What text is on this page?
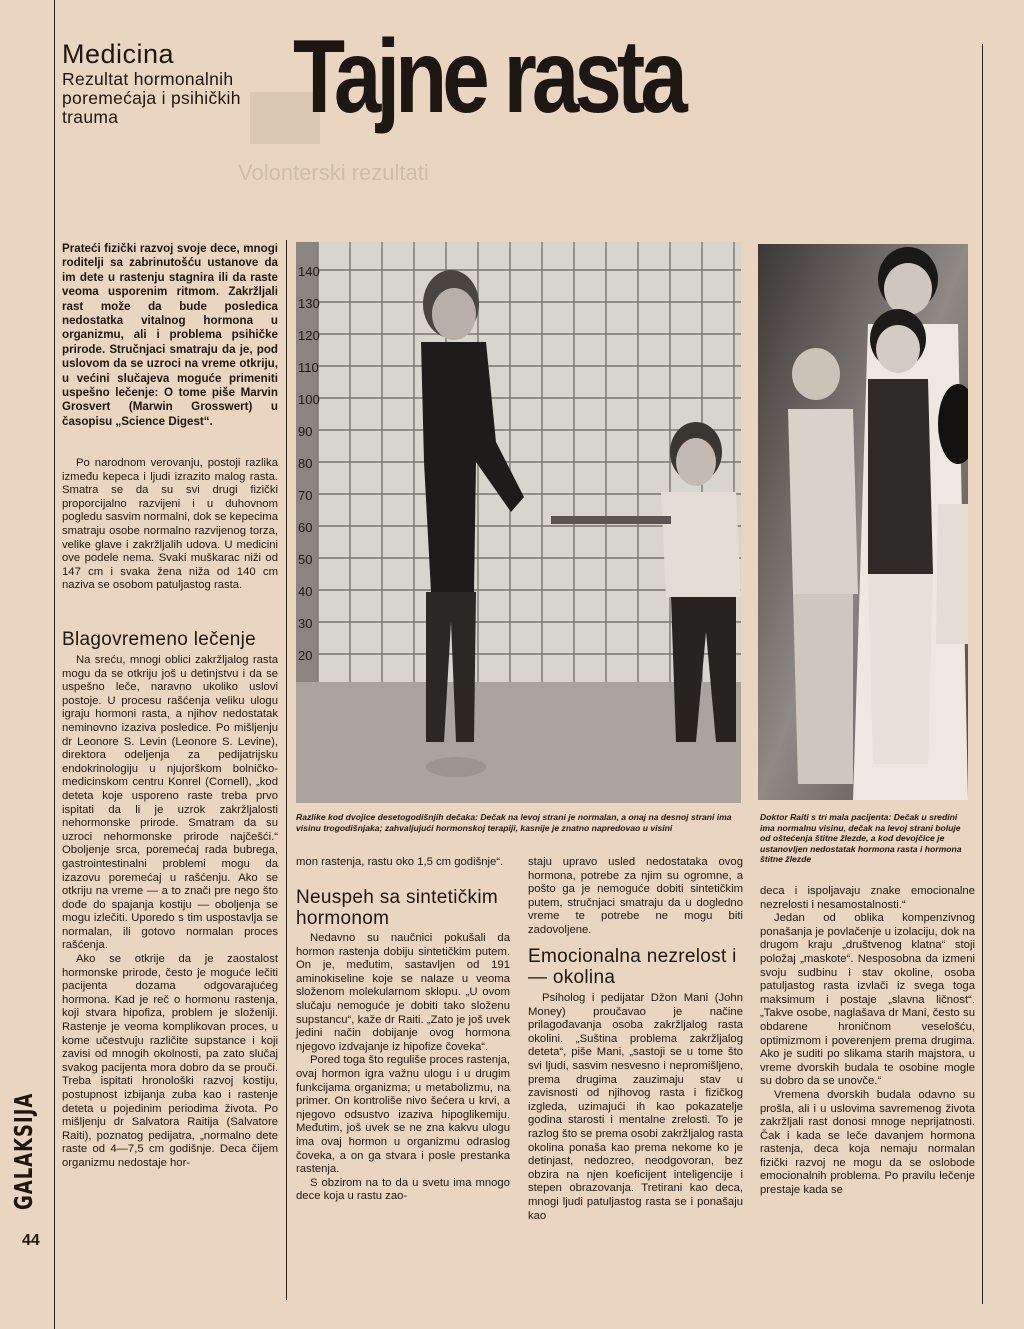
Volonterski rezultati
Medicina
Rezultat hormonalnih poremećaja i psihičkih trauma	Tajne rasta
Prateći fizički razvoj svoje dece, mnogi roditelji sa zabrinutošću ustanove da im dete u rastenju stagnira ili da raste veoma usporenim ritmom. Zakržljali rast može da bude posledica nedostatka vitalnog hormona u organizmu, ali i problema psihičke prirode. Stručnjaci smatraju da je, pod uslovom da se uzroci na vreme otkriju, u većini slučajeva moguće primeniti uspešno lečenje: O tome piše Marvin Grosvert (Marwin Grosswert) u časopisu „Science Digest“.

Po narodnom verovanju, postoji razlika između kepeca i ljudi izrazito malog rasta. Smatra se da su svi drugi fizički proporcijalno razvijeni i u duhovnom pogledu sasvim normalni, dok se kepecima smatraju osobe normalno razvijenog torza, velike glave i zakržljalih udova. U medicini ove podele nema. Svaki muškarac niži od 147 cm i svaka žena niža od 140 cm naziva se osobom patuljastog rasta.

Blagovremeno lečenje

Na sreću, mnogi oblici zakržljalog rasta mogu da se otkriju još u detinjstvu i da se uspešno leče, naravno ukoliko uslovi postoje. U procesu rašćenja veliku ulogu igraju hormoni rasta, a njihov nedostatak neminovno izaziva posledice. Po mišljenju dr Leonore S. Levin (Leonore S. Levine), direktora odeljenja za pedijatrijsku endokrinologiju u njujorškom bolničko-medicinskom centru Konrel (Cornell), „kod deteta koje usporeno raste treba prvo ispitati da li je uzrok zakržljalosti nehormonske prirode. Smatram da su uzroci nehormonske prirode najčešći.“ Oboljenje srca, poremećaj rada bubrega, gastrointestinalni problemi mogu da izazovu poremećaj u rašćenju. Ako se otkriju na vreme — a to znači pre nego što dođe do spajanja kostiju — oboljenja se mogu izlečiti. Uporedo s tim uspostavlja se normalan, ili gotovo normalan proces rašćenja.

Ako se otkrije da je zaostalost hormonske prirode, često je moguće lečiti pacijenta dozama odgovarajućeg hormona. Kad je reč o hormonu rastenja, koji stvara hipofiza, problem je složeniji. Rastenje je veoma komplikovan proces, u kome učestvuju različite supstance i koji zavisi od mnogih okolnosti, pa zato slučaj svakog pacijenta mora dobro da se prouči. Treba ispitati hronološki razvoj kostiju, postupnost izbijanja zuba kao i rastenje deteta u pojedinim periodima života. Po mišljenju dr Salvatora Raitija (Salvatore Raiti), poznatog pedijatra, „normalno dete raste od 4—7,5 cm godišnje. Deca čijem organizmu nedostaje hor-

140
130
120
110
100
90
80
70
60
50
40
30
20
Razlike kod dvojice desetogodišnjih dečaka: Dečak na levoj strani je normalan, a onaj na desnoj strani ima visinu trogodišnjaka; zahvaljujući hormonskoj terapiji, kasnije je znatno napredovao u visini
Doktor Raiti s tri mala pacijenta: Dečak u sredini ima normalnu visinu, dečak na levoj strani boluje od oštećenja štitne žlezde, a kod devojčice je ustanovljen nedostatak hormona rasta i hormona štitne žlezde

mon rastenja, rastu oko 1,5 cm godišnje“.

Neuspeh sa sintetičkim hormonom

Nedavno su naučnici pokušali da hormon rastenja dobiju sintetičkim putem. On je, međutim, sastavljen od 191 aminokiseline koje se nalaze u veoma složenom molekularnom sklopu. „U ovom slučaju nemoguće je dobiti tako složenu supstancu“, kaže dr Raiti. „Zato je još uvek jedini način dobijanje ovog hormona njegovo izdvajanje iz hipofize čoveka“.

Pored toga što reguliše proces rastenja, ovaj hormon igra važnu ulogu i u drugim funkcijama organizma; u metabolizmu, na primer. On kontroliše nivo šećera u krvi, a njegovo odsustvo izaziva hipoglikemiju. Međutim, još uvek se ne zna kakvu ulogu ima ovaj hormon u organizmu odraslog čoveka, a on ga stvara i posle prestanka rastenja.

S obzirom na to da u svetu ima mnogo dece koja u rastu zao-

staju upravo usled nedostataka ovog hormona, potrebe za njim su ogromne, a pošto ga je nemoguće dobiti sintetičkim putem, stručnjaci smatraju da u dogledno vreme te potrebe ne mogu biti zadovoljene.

Emocionalna nezrelost i — okolina

Psiholog i pedijatar Džon Mani (John Money) proučavao je načine prilagođavanja osoba zakržljalog rasta okolini. „Suština problema zakržljalog deteta“, piše Mani, „sastoji se u tome što svi ljudi, sasvim nesvesno i nepromišljeno, prema drugima zauzimaju stav u zavisnosti od njihovog rasta i fizičkog izgleda, uzimajući ih kao pokazatelje godina starosti i mentalne zrelosti. To je razlog što se prema osobi zakržljalog rasta okolina ponaša kao prema nekome ko je detinjast, nedozreo, neodgovoran, bez obzira na njen koeficijent inteligencije i stepen obrazovanja. Tretirani kao deca, mnogi ljudi patuljastog rasta se i ponašaju kao

deca i ispoljavaju znake emocionalne nezrelosti i nesamostalnosti.“

Jedan od oblika kompenzivnog ponašanja je povlačenje u izolaciju, dok na drugom kraju „društvenog klatna“ stoji položaj „maskote“. Nesposobna da izmeni svoju sudbinu i stav okoline, osoba patuljastog rasta izvlači iz svega toga maksimum i postaje „slavna ličnost“. „Takve osobe, naglašava dr Mani, često su obdarene hroničnom veselošću, optimizmom i poverenjem prema drugima. Ako je suditi po slikama starih majstora, u vreme dvorskih budala te osobine mogle su dobro da se unovče.“

Vremena dvorskih budala odavno su prošla, ali i u uslovima savremenog života zakržljali rast donosi mnoge neprijatnosti. Čak i kada se leče davanjem hormona rastenja, deca koja nemaju normalan fizički razvoj ne mogu da se oslobode emocionalnih problema. Po pravilu lečenje prestaje kada se

GALAKSIJA
44
